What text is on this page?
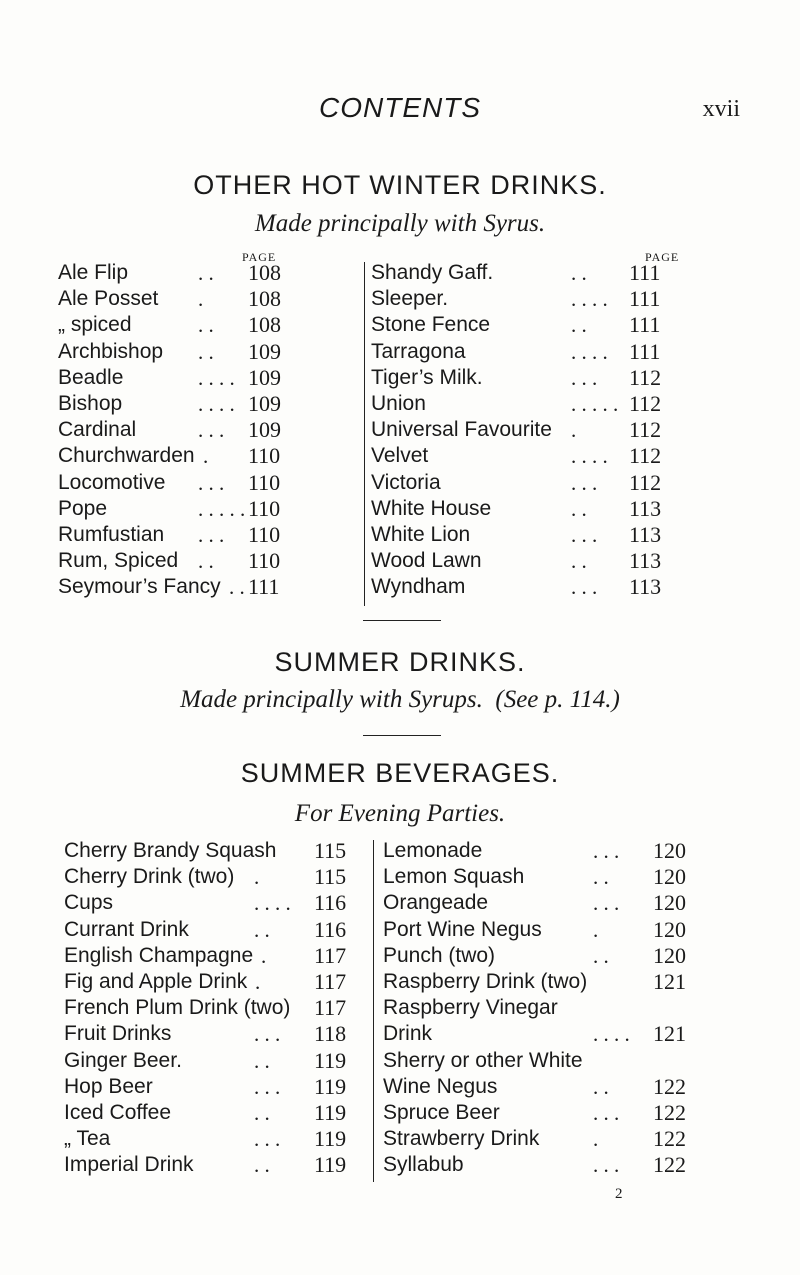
CONTENTS	xvii
OTHER HOT WINTER DRINKS.
Made principally with Syrus.
PAGE	PAGE
Ale Flip	. . 108
Ale Posset . 108
„ spiced	. . 108
Archbishop . . 109
Beadle	. . . . 109
Bishop	. . . . 109
Cardinal	. . . 109
Churchwarden . 110
Locomotive . . . 110
Pope	. . . . . 110
Rumfustian . . . 110
Rum, Spiced . . 110
Seymour’s Fancy . . 111
Shandy Gaff.	. . 111
Sleeper.	. . . . 111
Stone Fence	. . 111
Tarragona	. . . . 111
Tiger’s Milk.	. . . 112
Union	. . . . . 112
Universal Favourite . 112
Velvet	. . . . 112
Victoria	. . . 112
White House	. . 113
White Lion	. . . 113
Wood Lawn	. . 113
Wyndham	. . . 113
SUMMER DRINKS.
Made principally with Syrups. (See p. 114.)
SUMMER BEVERAGES.
For Evening Parties.
Cherry Brandy Squash 115
Cherry Drink (two) . 115
Cups	. . . . 116
Currant Drink	. . 116
English Champagne . 117
Fig and Apple Drink . 117
French Plum Drink (two) 117
Fruit Drinks	. . . 118
Ginger Beer.	. . 119
Hop Beer	. . . 119
Iced Coffee	. . 119
„ Tea	. . . 119
Imperial Drink	. . 119
Lemonade	. . . 120
Lemon Squash	. . 120
Orangeade	. . . 120
Port Wine Negus . 120
Punch (two)	. . 120
Raspberry Drink (two)	121
Raspberry Vinegar
Drink	. . . . 121
Sherry or other White
Wine Negus	. . 122
Spruce Beer	. . . 122
Strawberry Drink	. 122
Syllabub	. . . 122
2
